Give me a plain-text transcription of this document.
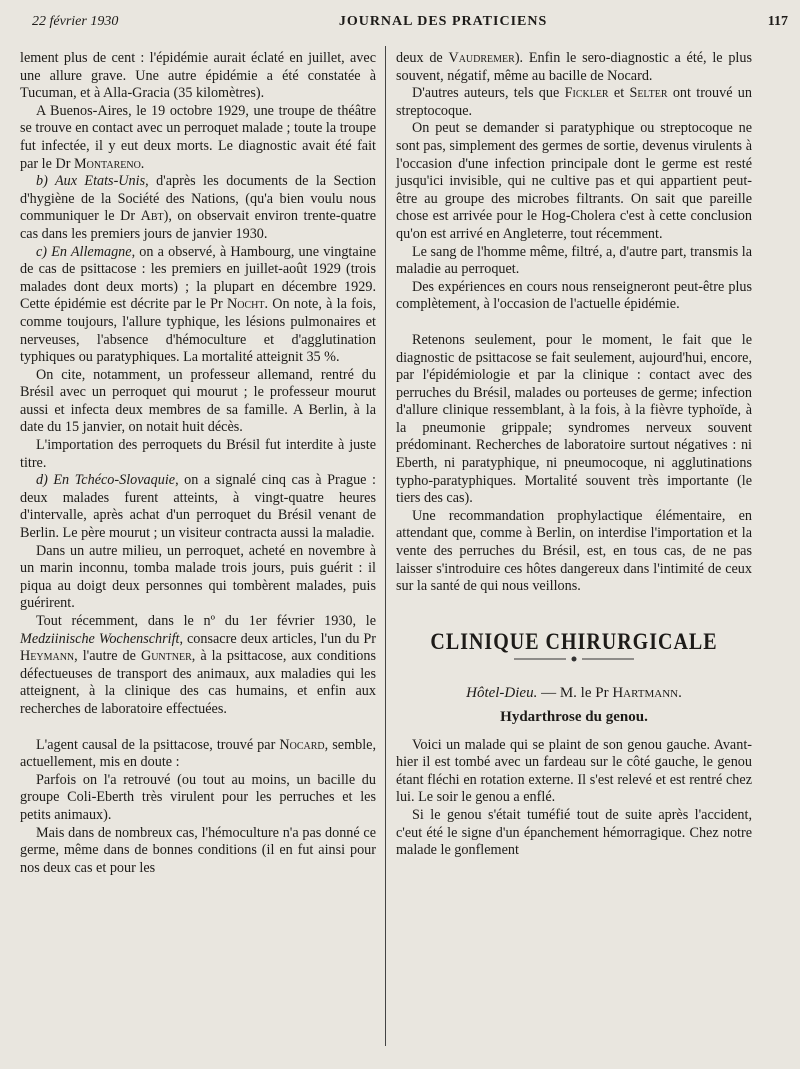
22 février 1930	JOURNAL DES PRATICIENS	117

lement plus de cent : l'épidémie aurait éclaté en juillet, avec une allure grave. Une autre épidémie a été constatée à Tucuman, et à Alla-Gracia (35 kilomètres).

A Buenos-Aires, le 19 octobre 1929, une troupe de théâtre se trouve en contact avec un perroquet malade ; toute la troupe fut infectée, il y eut deux morts. Le diagnostic avait été fait par le Dr Montareno.

b) Aux Etats-Unis, d'après les documents de la Section d'hygiène de la Société des Nations, (qu'a bien voulu nous communiquer le Dr Abt), on observait environ trente-quatre cas dans les premiers jours de janvier 1930.

c) En Allemagne, on a observé, à Hambourg, une vingtaine de cas de psittacose : les premiers en juillet-août 1929 (trois malades dont deux morts) ; la plupart en décembre 1929. Cette épidémie est décrite par le Pr Nocht. On note, à la fois, comme toujours, l'allure typhique, les lésions pulmonaires et nerveuses, l'absence d'hémoculture et d'agglutination typhiques ou paratyphiques. La mortalité atteignit 35 %.

On cite, notamment, un professeur allemand, rentré du Brésil avec un perroquet qui mourut ; le professeur mourut aussi et infecta deux membres de sa famille. A Berlin, à la date du 15 janvier, on notait huit décès.

L'importation des perroquets du Brésil fut interdite à juste titre.

d) En Tchéco-Slovaquie, on a signalé cinq cas à Prague : deux malades furent atteints, à vingt-quatre heures d'intervalle, après achat d'un perroquet du Brésil venant de Berlin. Le père mourut ; un visiteur contracta aussi la maladie.

Dans un autre milieu, un perroquet, acheté en novembre à un marin inconnu, tomba malade trois jours, puis guérit : il piqua au doigt deux personnes qui tombèrent malades, puis guérirent.

Tout récemment, dans le nº du 1er février 1930, le Medziinische Wochenschrift, consacre deux articles, l'un du Pr Heymann, l'autre de Guntner, à la psittacose, aux conditions défectueuses de transport des animaux, aux maladies qui les atteignent, à la clinique des cas humains, et enfin aux recherches de laboratoire effectuées.

L'agent causal de la psittacose, trouvé par Nocard, semble, actuellement, mis en doute :

Parfois on l'a retrouvé (ou tout au moins, un bacille du groupe Coli-Eberth très virulent pour les perruches et les petits animaux).

Mais dans de nombreux cas, l'hémoculture n'a pas donné ce germe, même dans de bonnes conditions (il en fut ainsi pour nos deux cas et pour les

deux de Vaudremer). Enfin le sero-diagnostic a été, le plus souvent, négatif, même au bacille de Nocard.

D'autres auteurs, tels que Fickler et Selter ont trouvé un streptocoque.

On peut se demander si paratyphique ou streptocoque ne sont pas, simplement des germes de sortie, devenus virulents à l'occasion d'une infection principale dont le germe est resté jusqu'ici invisible, qui ne cultive pas et qui appartient peut-être au groupe des microbes filtrants. On sait que pareille chose est arrivée pour le Hog-Cholera c'est à cette conclusion qu'on est arrivé en Angleterre, tout récemment.

Le sang de l'homme même, filtré, a, d'autre part, transmis la maladie au perroquet.

Des expériences en cours nous renseigneront peut-être plus complètement, à l'occasion de l'actuelle épidémie.

Retenons seulement, pour le moment, le fait que le diagnostic de psittacose se fait seulement, aujourd'hui, encore, par l'épidémiologie et par la clinique : contact avec des perruches du Brésil, malades ou porteuses de germe; infection d'allure clinique ressemblant, à la fois, à la fièvre typhoïde, à la pneumonie grippale; syndromes nerveux souvent prédominant. Recherches de laboratoire surtout négatives : ni Eberth, ni paratyphique, ni pneumocoque, ni agglutinations typho-paratyphiques. Mortalité souvent très importante (le tiers des cas).

Une recommandation prophylactique élémentaire, en attendant que, comme à Berlin, on interdise l'importation et la vente des perruches du Brésil, est, en tous cas, de ne pas laisser s'introduire ces hôtes dangereux dans l'intimité de ceux sur la santé de qui nous veillons.

CLINIQUE CHIRURGICALE
Hôtel-Dieu. — M. le Pr Hartmann.
Hydarthrose du genou.

Voici un malade qui se plaint de son genou gauche. Avant-hier il est tombé avec un fardeau sur le côté gauche, le genou étant fléchi en rotation externe. Il s'est relevé et est rentré chez lui. Le soir le genou a enflé.

Si le genou s'était tuméfié tout de suite après l'accident, c'eut été le signe d'un épanchement hémorragique. Chez notre malade le gonflement
